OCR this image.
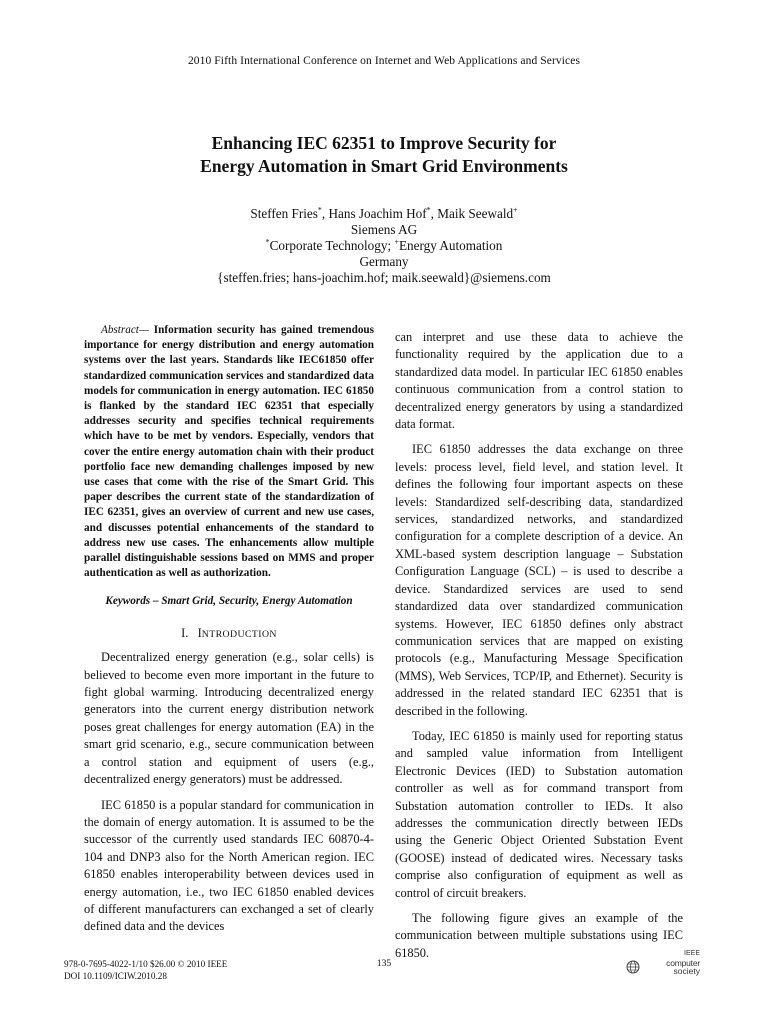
2010 Fifth International Conference on Internet and Web Applications and Services
Enhancing IEC 62351 to Improve Security for
Energy Automation in Smart Grid Environments
Steffen Fries*, Hans Joachim Hof*, Maik Seewald+
Siemens AG
*Corporate Technology; +Energy Automation
Germany
{steffen.fries; hans-joachim.hof; maik.seewald}@siemens.com

Abstract— Information security has gained tremendous importance for energy distribution and energy automation systems over the last years. Standards like IEC61850 offer standardized communication services and standardized data models for communication in energy automation. IEC 61850 is flanked by the standard IEC 62351 that especially addresses security and specifies technical requirements which have to be met by vendors. Especially, vendors that cover the entire energy automation chain with their product portfolio face new demanding challenges imposed by new use cases that come with the rise of the Smart Grid. This paper describes the current state of the standardization of IEC 62351, gives an overview of current and new use cases, and discusses potential enhancements of the standard to address new use cases. The enhancements allow multiple parallel distinguishable sessions based on MMS and proper authentication as well as authorization.

Keywords – Smart Grid, Security, Energy Automation
I. INTRODUCTION

Decentralized energy generation (e.g., solar cells) is believed to become even more important in the future to fight global warming. Introducing decentralized energy generators into the current energy distribution network poses great challenges for energy automation (EA) in the smart grid scenario, e.g., secure communication between a control station and equipment of users (e.g., decentralized energy generators) must be addressed.

IEC 61850 is a popular standard for communication in the domain of energy automation. It is assumed to be the successor of the currently used standards IEC 60870-4-104 and DNP3 also for the North American region. IEC 61850 enables interoperability between devices used in energy automation, i.e., two IEC 61850 enabled devices of different manufacturers can exchanged a set of clearly defined data and the devices

can interpret and use these data to achieve the functionality required by the application due to a standardized data model. In particular IEC 61850 enables continuous communication from a control station to decentralized energy generators by using a standardized data format.

IEC 61850 addresses the data exchange on three levels: process level, field level, and station level. It defines the following four important aspects on these levels: Standardized self-describing data, standardized services, standardized networks, and standardized configuration for a complete description of a device. An XML-based system description language – Substation Configuration Language (SCL) – is used to describe a device. Standardized services are used to send standardized data over standardized communication systems. However, IEC 61850 defines only abstract communication services that are mapped on existing protocols (e.g., Manufacturing Message Specification (MMS), Web Services, TCP/IP, and Ethernet). Security is addressed in the related standard IEC 62351 that is described in the following.

Today, IEC 61850 is mainly used for reporting status and sampled value information from Intelligent Electronic Devices (IED) to Substation automation controller as well as for command transport from Substation automation controller to IEDs. It also addresses the communication directly between IEDs using the Generic Object Oriented Substation Event (GOOSE) instead of dedicated wires. Necessary tasks comprise also configuration of equipment as well as control of circuit breakers.

The following figure gives an example of the communication between multiple substations using IEC 61850.

978-0-7695-4022-1/10 $26.00 © 2010 IEEE
DOI 10.1109/ICIW.2010.28
135
IEEE
computer
society
